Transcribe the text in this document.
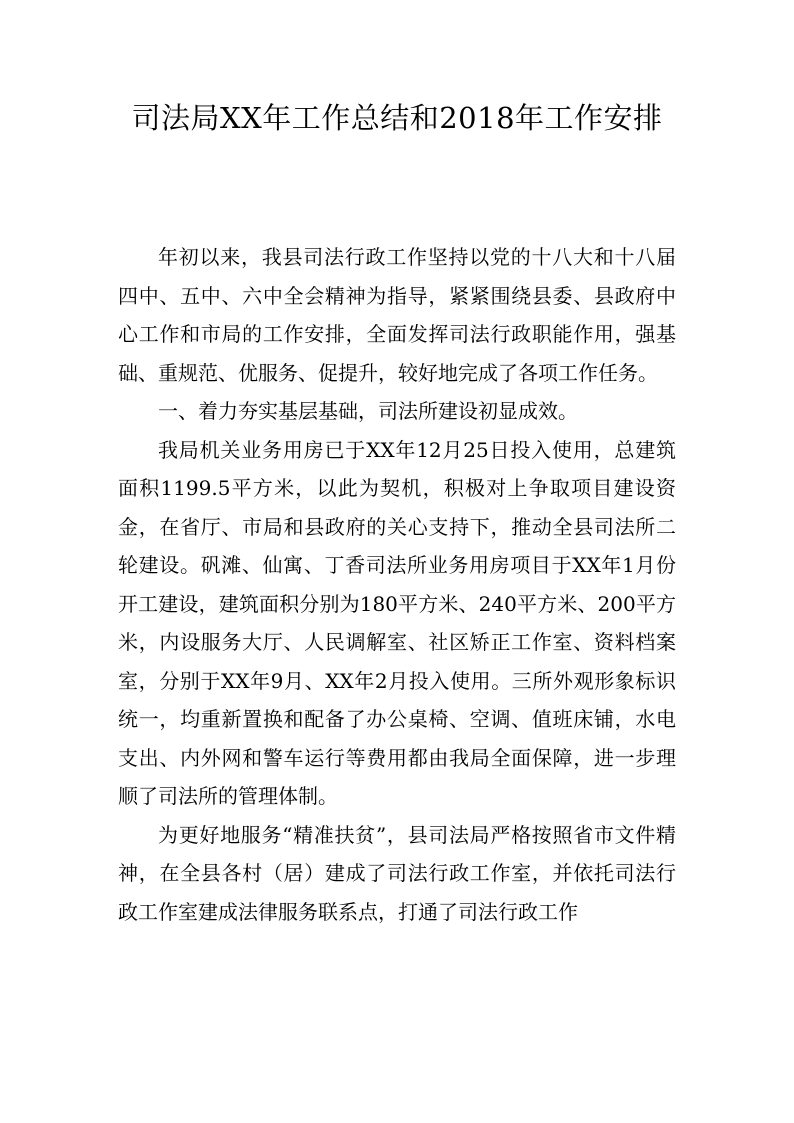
司法局XX年工作总结和2018年工作安排

年初以来，我县司法行政工作坚持以党的十八大和十八届四中、五中、六中全会精神为指导，紧紧围绕县委、县政府中心工作和市局的工作安排，全面发挥司法行政职能作用，强基础、重规范、优服务、促提升，较好地完成了各项工作任务。

一、着力夯实基层基础，司法所建设初显成效。

我局机关业务用房已于XX年12月25日投入使用，总建筑面积1199.5平方米，以此为契机，积极对上争取项目建设资金，在省厅、市局和县政府的关心支持下，推动全县司法所二轮建设。矾滩、仙寓、丁香司法所业务用房项目于XX年1月份开工建设，建筑面积分别为180平方米、240平方米、200平方米，内设服务大厅、人民调解室、社区矫正工作室、资料档案室，分别于XX年9月、XX年2月投入使用。三所外观形象标识统一，均重新置换和配备了办公桌椅、空调、值班床铺，水电支出、内外网和警车运行等费用都由我局全面保障，进一步理顺了司法所的管理体制。

为更好地服务“精准扶贫”，县司法局严格按照省市文件精神，在全县各村（居）建成了司法行政工作室，并依托司法行政工作室建成法律服务联系点，打通了司法行政工作
